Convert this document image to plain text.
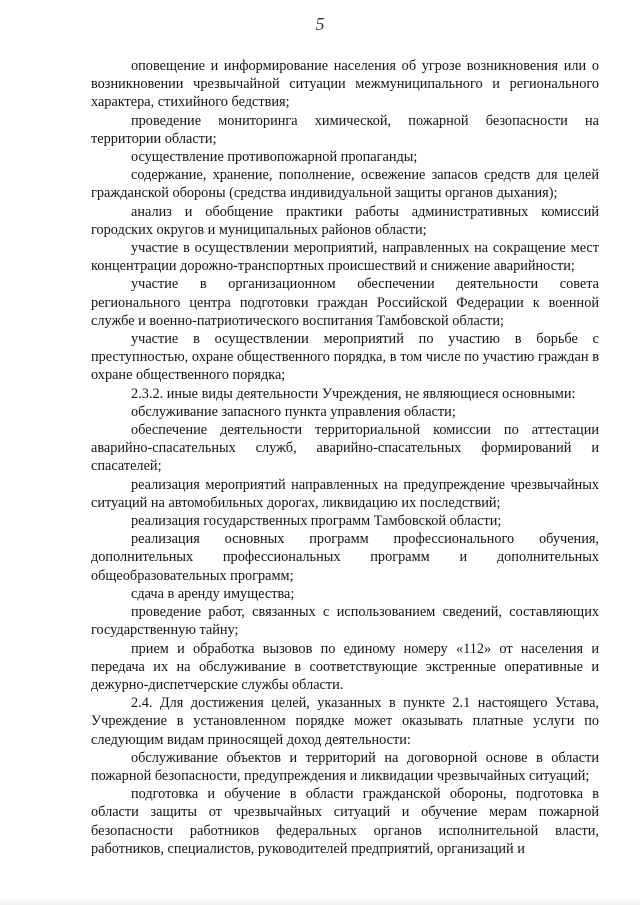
5

оповещение и информирование населения об угрозе возникновения или о возникновении чрезвычайной ситуации межмуниципального и регионального характера, стихийного бедствия;

проведение мониторинга химической, пожарной безопасности на территории области;

осуществление противопожарной пропаганды;

содержание, хранение, пополнение, освежение запасов средств для целей гражданской обороны (средства индивидуальной защиты органов дыхания);

анализ и обобщение практики работы административных комиссий городских округов и муниципальных районов области;

участие в осуществлении мероприятий, направленных на сокращение мест концентрации дорожно-транспортных происшествий и снижение аварийности;

участие в организационном обеспечении деятельности совета регионального центра подготовки граждан Российской Федерации к военной службе и военно-патриотического воспитания Тамбовской области;

участие в осуществлении мероприятий по участию в борьбе с преступностью, охране общественного порядка, в том числе по участию граждан в охране общественного порядка;

2.3.2. иные виды деятельности Учреждения, не являющиеся основными:

обслуживание запасного пункта управления области;

обеспечение деятельности территориальной комиссии по аттестации аварийно-спасательных служб, аварийно-спасательных формирований и спасателей;

реализация мероприятий направленных на предупреждение чрезвычайных ситуаций на автомобильных дорогах, ликвидацию их последствий;

реализация государственных программ Тамбовской области;

реализация основных программ профессионального обучения, дополнительных профессиональных программ и дополнительных общеобразовательных программ;

сдача в аренду имущества;

проведение работ, связанных с использованием сведений, составляющих государственную тайну;

прием и обработка вызовов по единому номеру «112» от населения и передача их на обслуживание в соответствующие экстренные оперативные и дежурно-диспетчерские службы области.

2.4. Для достижения целей, указанных в пункте 2.1 настоящего Устава, Учреждение в установленном порядке может оказывать платные услуги по следующим видам приносящей доход деятельности:

обслуживание объектов и территорий на договорной основе в области пожарной безопасности, предупреждения и ликвидации чрезвычайных ситуаций;

подготовка и обучение в области гражданской обороны, подготовка в области защиты от чрезвычайных ситуаций и обучение мерам пожарной безопасности работников федеральных органов исполнительной власти, работников, специалистов, руководителей предприятий, организаций и
